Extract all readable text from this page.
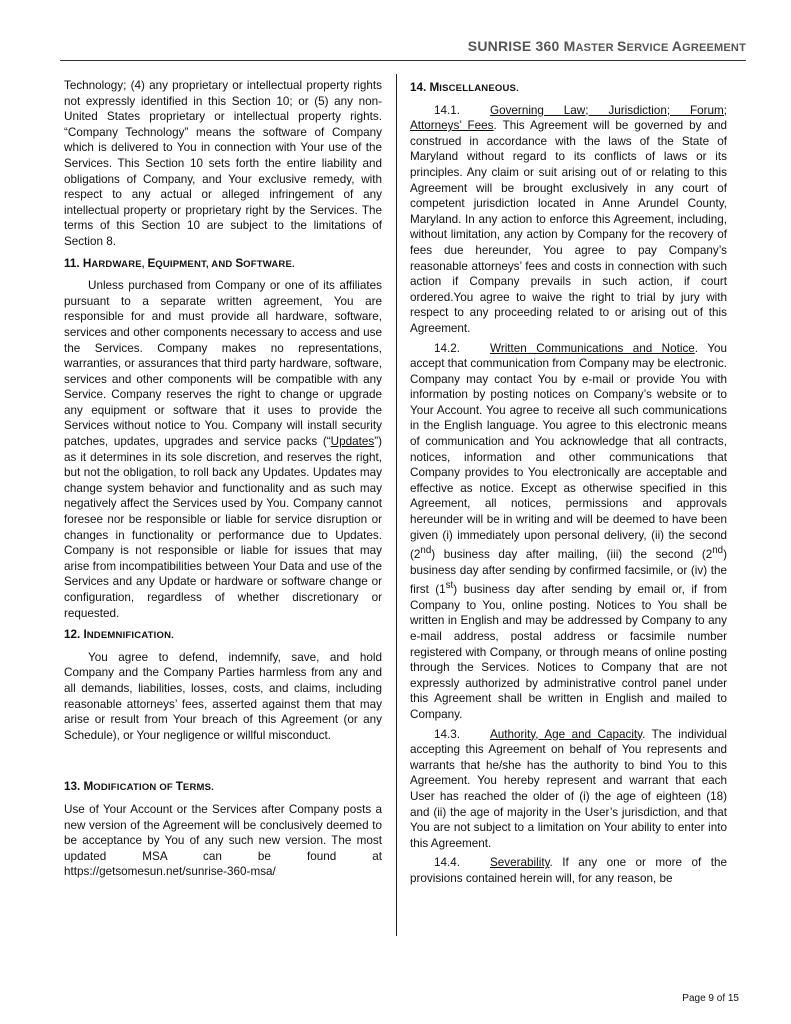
SUNRISE 360 MASTER SERVICE AGREEMENT

Technology; (4) any proprietary or intellectual property rights not expressly identified in this Section 10; or (5) any non-United States proprietary or intellectual property rights. “Company Technology” means the software of Company which is delivered to You in connection with Your use of the Services. This Section 10 sets forth the entire liability and obligations of Company, and Your exclusive remedy, with respect to any actual or alleged infringement of any intellectual property or proprietary right by the Services. The terms of this Section 10 are subject to the limitations of Section 8.

11. HARDWARE, EQUIPMENT, AND SOFTWARE.

Unless purchased from Company or one of its affiliates pursuant to a separate written agreement, You are responsible for and must provide all hardware, software, services and other components necessary to access and use the Services. Company makes no representations, warranties, or assurances that third party hardware, software, services and other components will be compatible with any Service. Company reserves the right to change or upgrade any equipment or software that it uses to provide the Services without notice to You. Company will install security patches, updates, upgrades and service packs (“Updates”) as it determines in its sole discretion, and reserves the right, but not the obligation, to roll back any Updates. Updates may change system behavior and functionality and as such may negatively affect the Services used by You. Company cannot foresee nor be responsible or liable for service disruption or changes in functionality or performance due to Updates. Company is not responsible or liable for issues that may arise from incompatibilities between Your Data and use of the Services and any Update or hardware or software change or configuration, regardless of whether discretionary or requested.

12. INDEMNIFICATION.

You agree to defend, indemnify, save, and hold Company and the Company Parties harmless from any and all demands, liabilities, losses, costs, and claims, including reasonable attorneys’ fees, asserted against them that may arise or result from Your breach of this Agreement (or any Schedule), or Your negligence or willful misconduct.

13. MODIFICATION OF TERMS.

Use of Your Account or the Services after Company posts a new version of the Agreement will be conclusively deemed to be acceptance by You of any such new version. The most updated MSA can be found at https://getsomesun.net/sunrise-360-msa/

14. MISCELLANEOUS.

14.1.	Governing Law; Jurisdiction; Forum; Attorneys’ Fees. This Agreement will be governed by and construed in accordance with the laws of the State of Maryland without regard to its conflicts of laws or its principles. Any claim or suit arising out of or relating to this Agreement will be brought exclusively in any court of competent jurisdiction located in Anne Arundel County, Maryland. In any action to enforce this Agreement, including, without limitation, any action by Company for the recovery of fees due hereunder, You agree to pay Company’s reasonable attorneys’ fees and costs in connection with such action if Company prevails in such action, if court ordered.You agree to waive the right to trial by jury with respect to any proceeding related to or arising out of this Agreement.

14.2.	Written Communications and Notice. You accept that communication from Company may be electronic. Company may contact You by e-mail or provide You with information by posting notices on Company’s website or to Your Account. You agree to receive all such communications in the English language. You agree to this electronic means of communication and You acknowledge that all contracts, notices, information and other communications that Company provides to You electronically are acceptable and effective as notice. Except as otherwise specified in this Agreement, all notices, permissions and approvals hereunder will be in writing and will be deemed to have been given (i) immediately upon personal delivery, (ii) the second (2nd) business day after mailing, (iii) the second (2nd) business day after sending by confirmed facsimile, or (iv) the first (1st) business day after sending by email or, if from Company to You, online posting. Notices to You shall be written in English and may be addressed by Company to any e-mail address, postal address or facsimile number registered with Company, or through means of online posting through the Services. Notices to Company that are not expressly authorized by administrative control panel under this Agreement shall be written in English and mailed to Company.

14.3.	Authority, Age and Capacity. The individual accepting this Agreement on behalf of You represents and warrants that he/she has the authority to bind You to this Agreement. You hereby represent and warrant that each User has reached the older of (i) the age of eighteen (18) and (ii) the age of majority in the User’s jurisdiction, and that You are not subject to a limitation on Your ability to enter into this Agreement.

14.4.	Severability. If any one or more of the provisions contained herein will, for any reason, be

Page 9 of 15
